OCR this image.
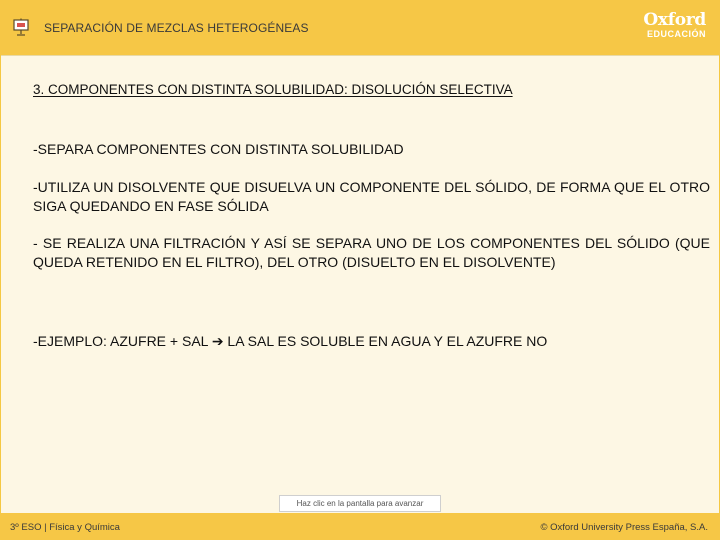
SEPARACIÓN DE MEZCLAS HETEROGÉNEAS	Oxford
EDUCACIÓN
3. COMPONENTES CON DISTINTA SOLUBILIDAD: DISOLUCIÓN SELECTIVA
-SEPARA COMPONENTES CON DISTINTA SOLUBILIDAD
-UTILIZA UN DISOLVENTE QUE DISUELVA UN COMPONENTE DEL SÓLIDO, DE FORMA QUE EL OTRO SIGA QUEDANDO EN FASE SÓLIDA
- SE REALIZA UNA FILTRACIÓN Y ASÍ SE SEPARA UNO DE LOS COMPONENTES DEL SÓLIDO (QUE QUEDA RETENIDO EN EL FILTRO), DEL OTRO (DISUELTO EN EL DISOLVENTE)
-EJEMPLO: AZUFRE + SAL ➔ LA SAL ES SOLUBLE EN AGUA Y EL AZUFRE NO
Haz clic en la pantalla para avanzar
3º ESO | Física y Química	© Oxford University Press España, S.A.
